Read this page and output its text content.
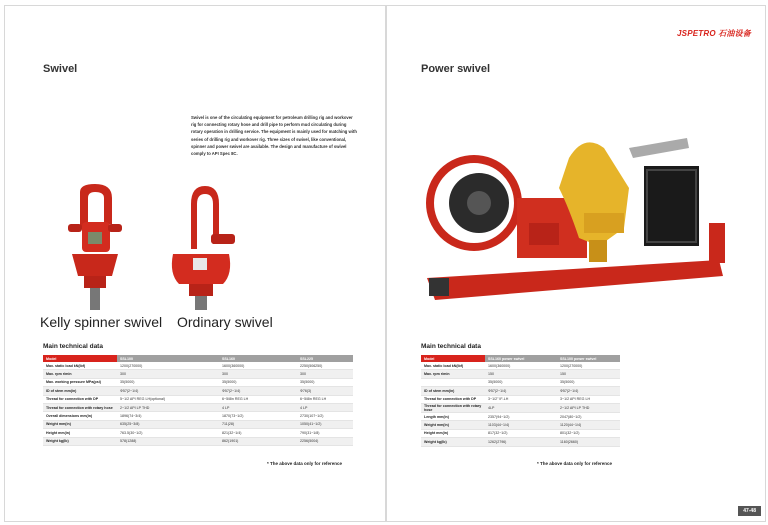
Swivel
Swivel is one of the circulating equipment for petroleum drilling rig and workover rig for connecting rotary hose and drill pipe to perform mud circulating during rotary operation in drilling service. The equipment is mainly used for matching with series of drilling rig and workover rig. Three sizes of swivel, like conventional, spinner and power swivel are available. The design and manufacture of swivel comply to API Spec 8C.
Kelly spinner swivel Ordinary swivel
Main technical data
Model	SSL100	SSL160	SSL225
Max. static load kN(lbf)	1200(270000)	1600(360000)	2250(506250)
Max. rpm r/min	300	300	300
Max. working pressure MPa(psi)	35(5000)	35(5000)	35(5000)
ID of stem mm(in)	Φ57(2~1/4)	Φ57(2~1/4)	Φ76(3)
Thread for connection with DP	5~1/2 API REG LH(optional)	6~5/8in REG LH	6~5/8in REG LH
Thread for connection with rotary hose	2~1/2 API LP THD	4 LP	4 LP
Overall dimensions mm(in)	1896(74~3/4)	1870(73~1/2)	2730(107~1/2)
Weight mm(in)	635(25~3/8)	711(28)	1050(41~1/2)
Height mm(in)	763.5(30~1/2)	821(32~1/4)	790(31~1/8)
Weight kg(lb)	578(1288)	862(1901)	2256(5004)
* The above data only for reference
JSPETRO 石油设备
Power swivel
Main technical data
Model	SSL160 power swivel	SSL100 power swivel
Max. static load kN(lbf)	1600(360000)	1200(270000)
Max. rpm r/min	150	150
	35(5000)	35(5000)
ID of stem mm(in)	Φ57(2~1/4)	Φ57(2~1/4)
Thread for connection with DP	3~1/2" IF-LH	3~1/2 API REG LH
Thread for connection with rotary hose	4LP	2~1/2 API LP THD
Length mm(in)	2357(94~1/2)	2047(80~1/2)
Weight mm(in)	1103(44~1/4)	1120(44~1/4)
Height mm(in)	817(32~1/2)	801(32~1/2)
Weight kg(lb)	1262(2796)	1160(2660)
* The above data only for reference
47-48
